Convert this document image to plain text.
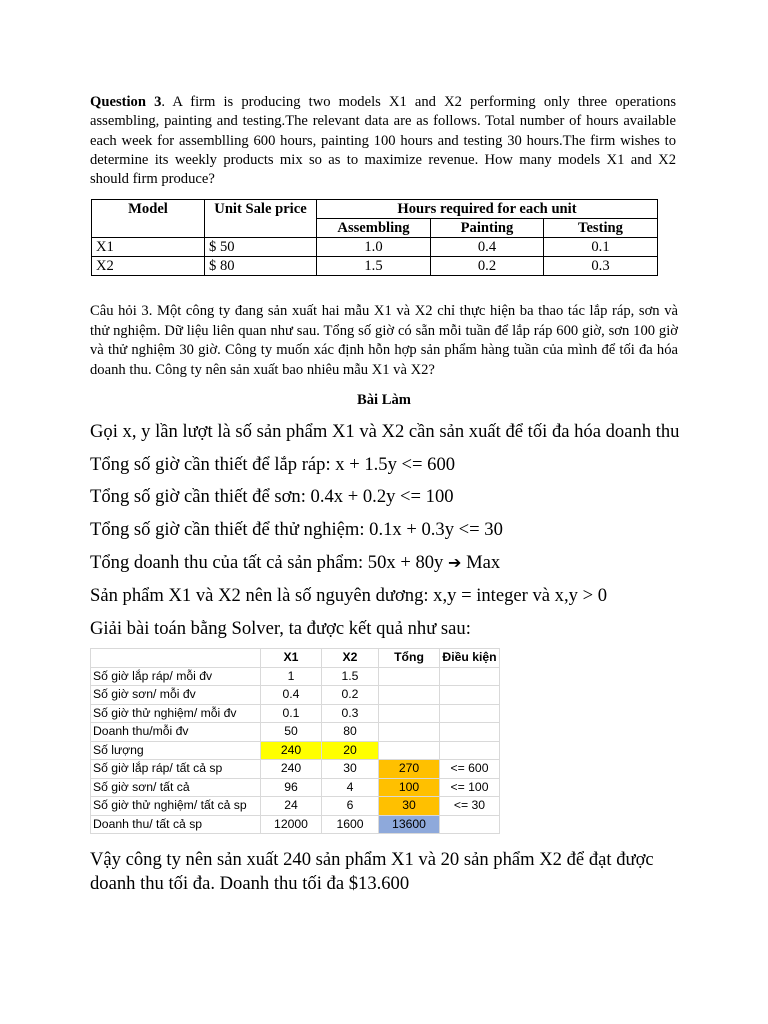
Question 3. A firm is producing two models X1 and X2 performing only three operations assembling, painting and testing.The relevant data are as follows. Total number of hours available each week for assemblling 600 hours, painting 100 hours and testing 30 hours.The firm wishes to determine its weekly products mix so as to maximize revenue. How many models X1 and X2 should firm produce?

Model	Unit Sale price	Hours required for each unit		
		Assembling	Painting	Testing
X1	$ 50	1.0	0.4	0.1
X2	$ 80	1.5	0.2	0.3

Câu hỏi 3. Một công ty đang sản xuất hai mẫu X1 và X2 chỉ thực hiện ba thao tác lắp ráp, sơn và thử nghiệm. Dữ liệu liên quan như sau. Tổng số giờ có sẵn mỗi tuần để lắp ráp 600 giờ, sơn 100 giờ và thử nghiệm 30 giờ. Công ty muốn xác định hỗn hợp sản phẩm hàng tuần của mình để tối đa hóa doanh thu. Công ty nên sản xuất bao nhiêu mẫu X1 và X2?

Bài Làm

Gọi x, y lần lượt là số sản phẩm X1 và X2 cần sản xuất để tối đa hóa doanh thu

Tổng số giờ cần thiết để lắp ráp: x + 1.5y <= 600

Tổng số giờ cần thiết để sơn: 0.4x + 0.2y <= 100

Tổng số giờ cần thiết để thử nghiệm: 0.1x + 0.3y <= 30

Tổng doanh thu của tất cả sản phẩm: 50x + 80y ➔ Max

Sản phẩm X1 và X2 nên là số nguyên dương: x,y = integer và x,y > 0

Giải bài toán bằng Solver, ta được kết quả như sau:

	X1	X2	Tổng	Điều kiện
Số giờ lắp ráp/ mỗi đv	1	1.5		
Số giờ sơn/ mỗi đv	0.4	0.2		
Số giờ thử nghiệm/ mỗi đv	0.1	0.3		
Doanh thu/mỗi đv	50	80		
Số lượng	240	20		
Số giờ lắp ráp/ tất cả sp	240	30	270	<= 600
Số giờ sơn/ tất cả	96	4	100	<= 100
Số giờ thử nghiệm/ tất cả sp	24	6	30	<= 30
Doanh thu/ tất cả sp	12000	1600	13600	

Vậy công ty nên sản xuất 240 sản phẩm X1 và 20 sản phẩm X2 để đạt được doanh thu tối đa. Doanh thu tối đa $13.600
